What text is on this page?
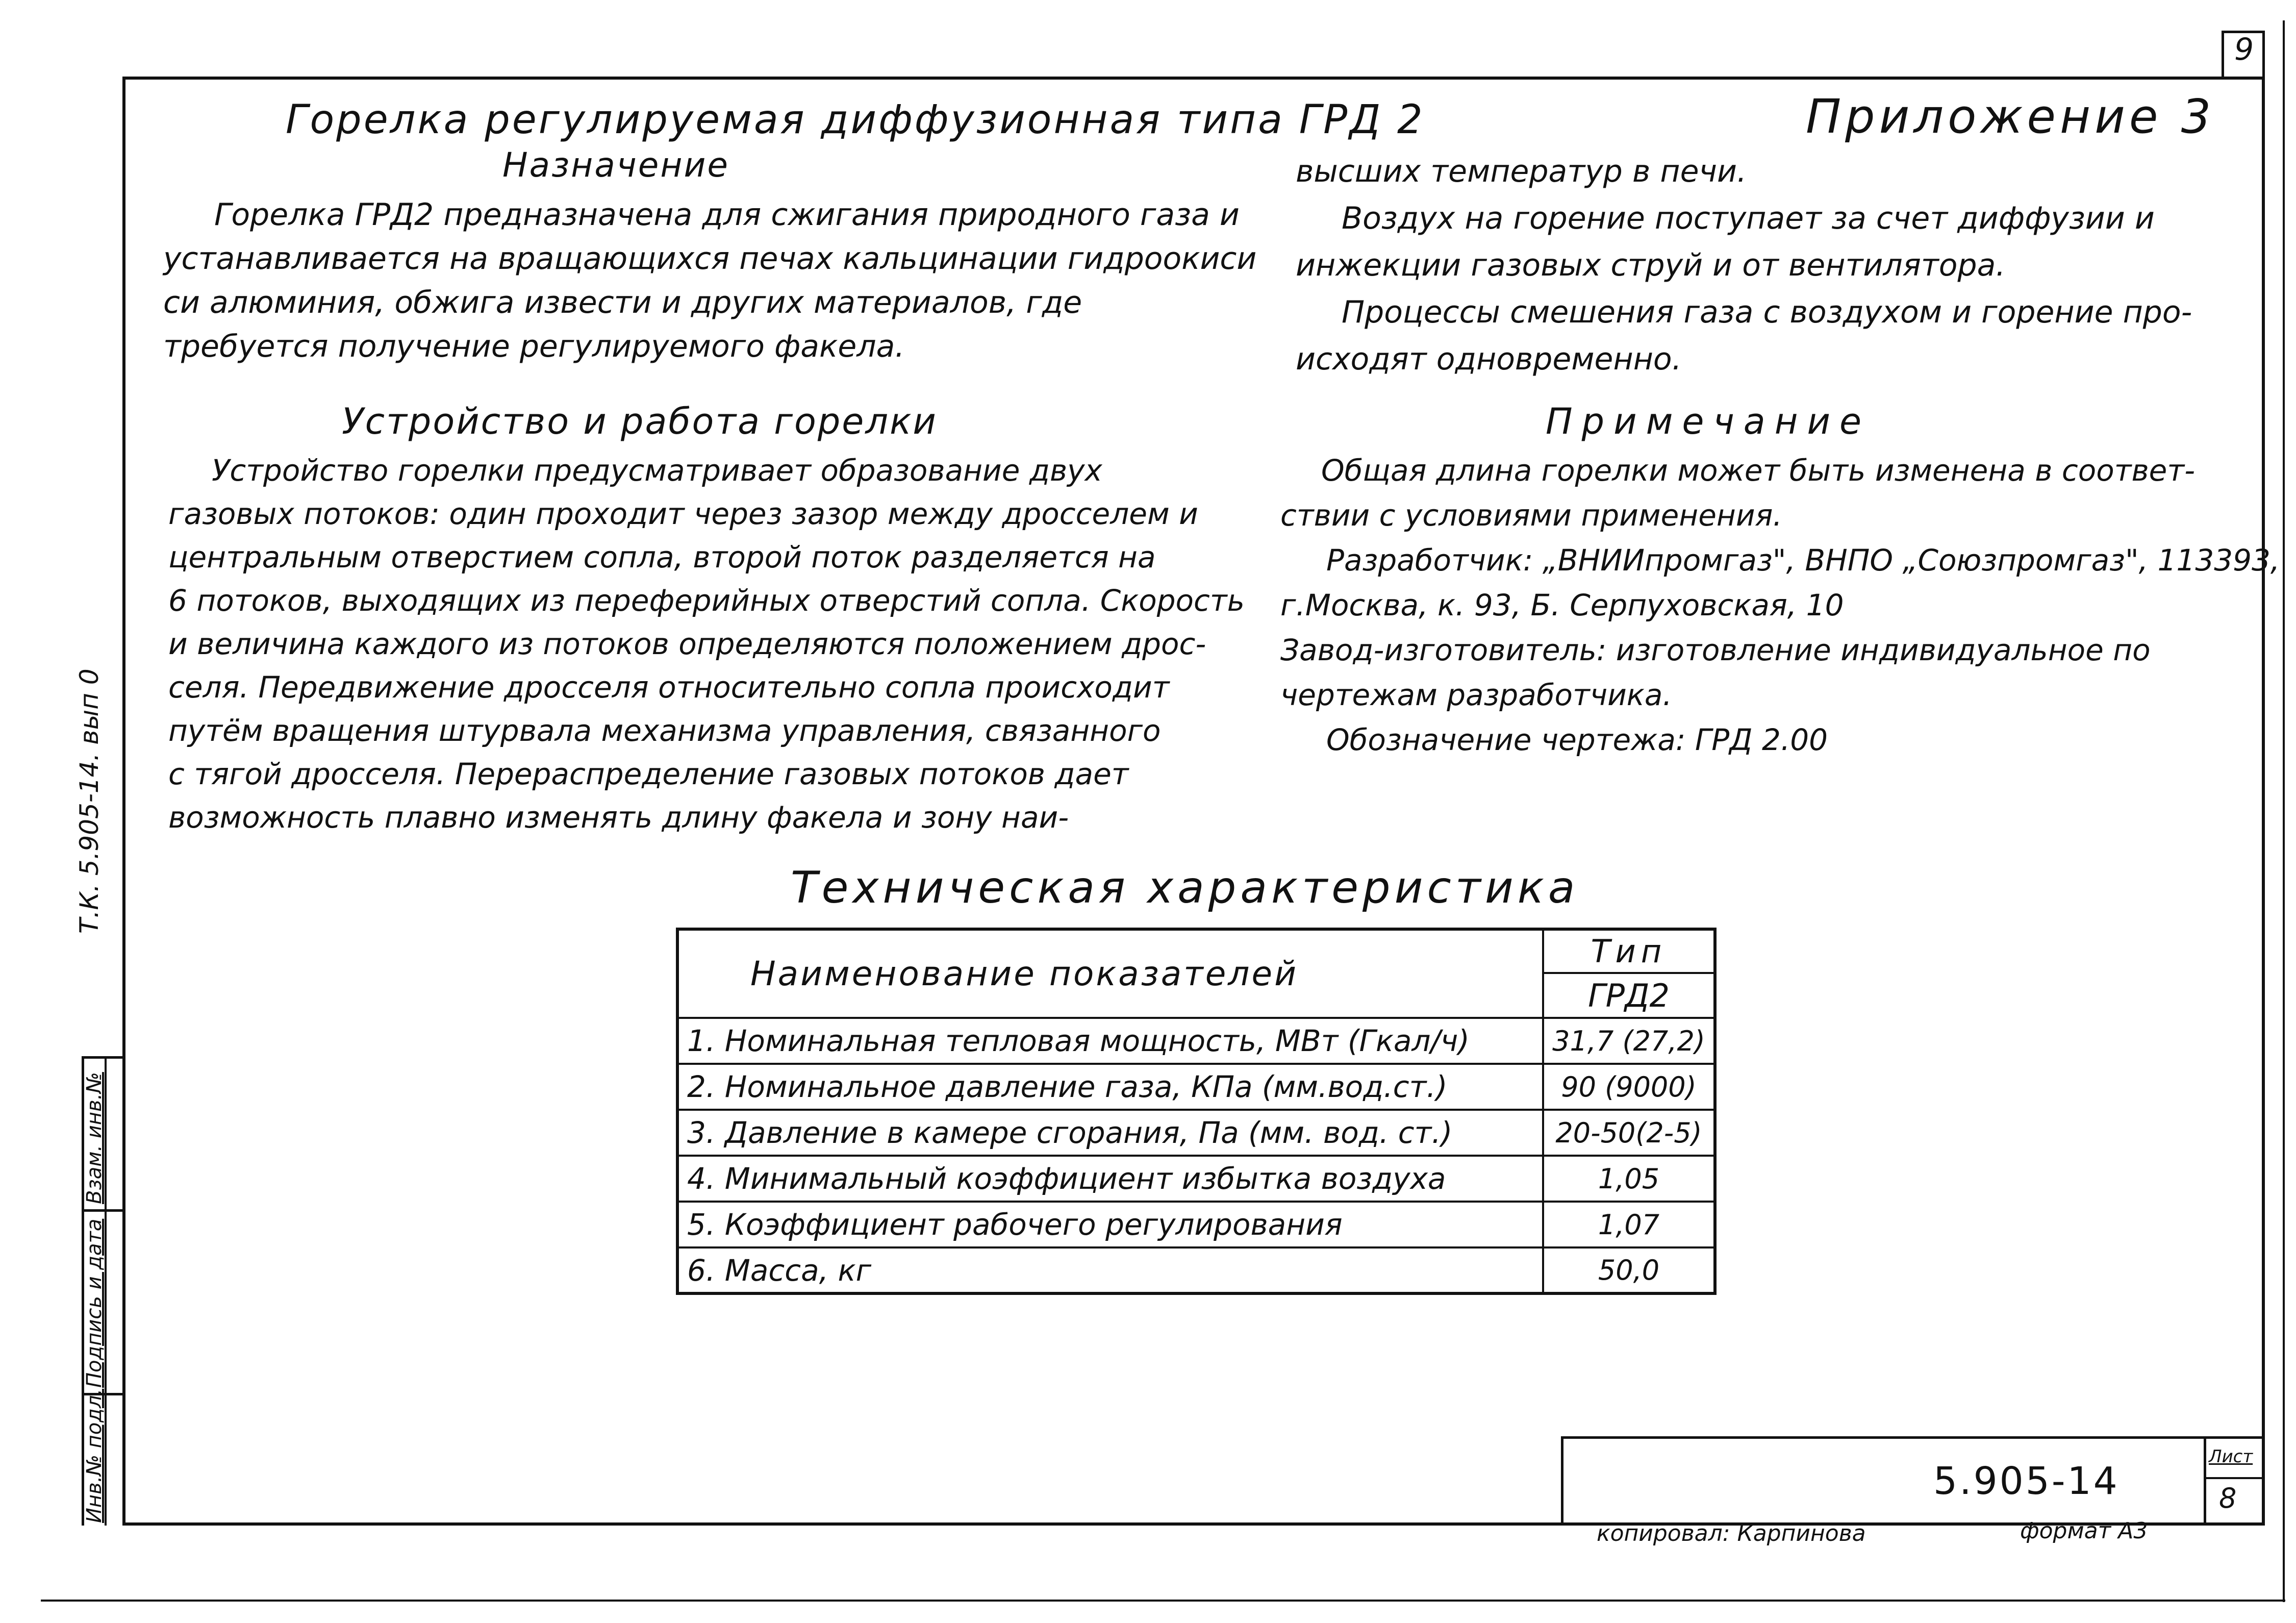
Инв.№ подл.
Подпись и дата
Взам. инв.№
Т.К. 5.905-14. вып 0
9
Горелка регулируемая диффузионная типа ГРД 2	Приложение 3
Назначение
Горелка ГРД2 предназначена для сжигания природного газа и
устанавливается на вращающихся печах кальцинации гидроокиси
си алюминия, обжига извести и других материалов, где
требуется получение регулируемого факела.
Устройство и работа горелки
Устройство горелки предусматривает образование двух
газовых потоков: один проходит через зазор между дросселем и
центральным отверстием сопла, второй поток разделяется на
6 потоков, выходящих из переферийных отверстий сопла. Скорость
и величина каждого из потоков определяются положением дрос-
селя. Передвижение дросселя относительно сопла происходит
путём вращения штурвала механизма управления, связанного
с тягой дросселя. Перераспределение газовых потоков дает
возможность плавно изменять длину факела и зону наи-
высших температур в печи.
Воздух на горение поступает за счет диффузии и
инжекции газовых струй и от вентилятора.
Процессы смешения газа с воздухом и горение про-
исходят одновременно.
Примечание
Общая длина горелки может быть изменена в соответ-
ствии с условиями применения.
Разработчик: „ВНИИпромгаз", ВНПО „Союзпромгаз", 113393,
г.Москва, к. 93, Б. Серпуховская, 10
Завод-изготовитель: изготовление индивидуальное по
чертежам разработчика.
Обозначение чертежа: ГРД 2.00
Техническая характеристика
Наименование показателей	Тип
	ГРД2
1. Номинальная тепловая мощность, МВт (Гкал/ч)	31,7 (27,2)
2. Номинальное давление газа, КПа (мм.вод.ст.)	90 (9000)
3. Давление в камере сгорания, Па (мм. вод. ст.)	20-50(2-5)
4. Минимальный коэффициент избытка воздуха	1,05
5. Коэффициент рабочего регулирования	1,07
6. Масса, кг	50,0
5.905-14
Лист
8
копировал: Карпинова	формат А3
